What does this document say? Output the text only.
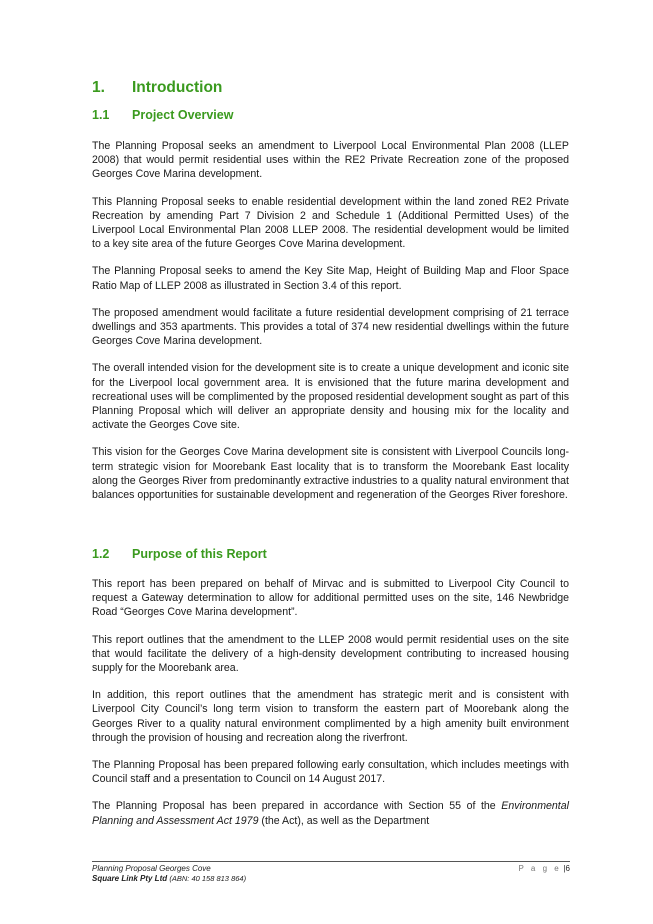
1. Introduction
1.1 Project Overview

The Planning Proposal seeks an amendment to Liverpool Local Environmental Plan 2008 (LLEP 2008) that would permit residential uses within the RE2 Private Recreation zone of the proposed Georges Cove Marina development.

This Planning Proposal seeks to enable residential development within the land zoned RE2 Private Recreation by amending Part 7 Division 2 and Schedule 1 (Additional Permitted Uses) of the Liverpool Local Environmental Plan 2008 LLEP 2008. The residential development would be limited to a key site area of the future Georges Cove Marina development.

The Planning Proposal seeks to amend the Key Site Map, Height of Building Map and Floor Space Ratio Map of LLEP 2008 as illustrated in Section 3.4 of this report.

The proposed amendment would facilitate a future residential development comprising of 21 terrace dwellings and 353 apartments. This provides a total of 374 new residential dwellings within the future Georges Cove Marina development.

The overall intended vision for the development site is to create a unique development and iconic site for the Liverpool local government area. It is envisioned that the future marina development and recreational uses will be complimented by the proposed residential development sought as part of this Planning Proposal which will deliver an appropriate density and housing mix for the locality and activate the Georges Cove site.

This vision for the Georges Cove Marina development site is consistent with Liverpool Councils long-term strategic vision for Moorebank East locality that is to transform the Moorebank East locality along the Georges River from predominantly extractive industries to a quality natural environment that balances opportunities for sustainable development and regeneration of the Georges River foreshore.

1.2 Purpose of this Report

This report has been prepared on behalf of Mirvac and is submitted to Liverpool City Council to request a Gateway determination to allow for additional permitted uses on the site, 146 Newbridge Road “Georges Cove Marina development”.

This report outlines that the amendment to the LLEP 2008 would permit residential uses on the site that would facilitate the delivery of a high-density development contributing to increased housing supply for the Moorebank area.

In addition, this report outlines that the amendment has strategic merit and is consistent with Liverpool City Council’s long term vision to transform the eastern part of Moorebank along the Georges River to a quality natural environment complimented by a high amenity built environment through the provision of housing and recreation along the riverfront.

The Planning Proposal has been prepared following early consultation, which includes meetings with Council staff and a presentation to Council on 14 August 2017.

The Planning Proposal has been prepared in accordance with Section 55 of the Environmental Planning and Assessment Act 1979 (the Act), as well as the Department

Planning Proposal Georges Cove
Square Link Pty Ltd (ABN: 40 158 813 864)
P a g e |6
